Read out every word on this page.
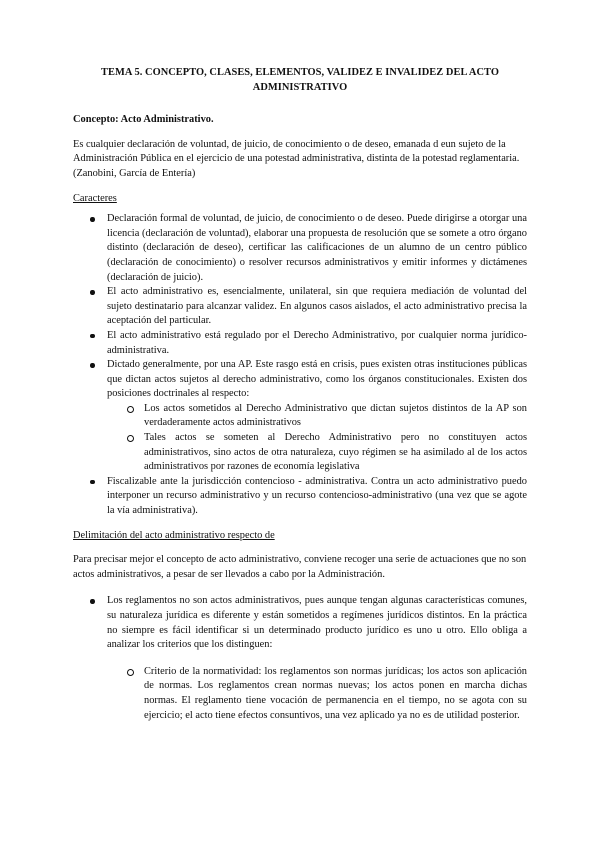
TEMA 5. CONCEPTO, CLASES, ELEMENTOS, VALIDEZ E INVALIDEZ DEL ACTO
ADMINISTRATIVO

Concepto: Acto Administrativo.

Es cualquier declaración de voluntad, de juicio, de conocimiento o de deseo, emanada d eun sujeto de la Administración Pública en el ejercicio de una potestad administrativa, distinta de la potestad reglamentaria. (Zanobini, García de Entería)

Caracteres

Declaración formal de voluntad, de juicio, de conocimiento o de deseo. Puede dirigirse a otorgar una licencia (declaración de voluntad), elaborar una propuesta de resolución que se somete a otro órgano distinto (declaración de deseo), certificar las calificaciones de un alumno de un centro público (declaración de conocimiento) o resolver recursos administrativos y emitir informes y dictámenes (declaración de juicio).
El acto administrativo es, esencialmente, unilateral, sin que requiera mediación de voluntad del sujeto destinatario para alcanzar validez. En algunos casos aislados, el acto administrativo precisa la aceptación del particular.
El acto administrativo está regulado por el Derecho Administrativo, por cualquier norma jurídico-administrativa.
Dictado generalmente, por una AP. Este rasgo está en crisis, pues existen otras instituciones públicas que dictan actos sujetos al derecho administrativo, como los órganos constitucionales. Existen dos posiciones doctrinales al respecto:
Los actos sometidos al Derecho Administrativo que dictan sujetos distintos de la AP son verdaderamente actos administrativos
Tales actos se someten al Derecho Administrativo pero no constituyen actos administrativos, sino actos de otra naturaleza, cuyo régimen se ha asimilado al de los actos administrativos por razones de economía legislativa
Fiscalizable ante la jurisdicción contencioso - administrativa. Contra un acto administrativo puedo interponer un recurso administrativo y un recurso contencioso-administrativo (una vez que se agote la vía administrativa).

Delimitación del acto administrativo respecto de

Para precisar mejor el concepto de acto administrativo, conviene recoger una serie de actuaciones que no son actos administrativos, a pesar de ser llevados a cabo por la Administración.

Los reglamentos no son actos administrativos, pues aunque tengan algunas características comunes, su naturaleza jurídica es diferente y están sometidos a regímenes jurídicos distintos. En la práctica no siempre es fácil identificar si un determinado producto jurídico es uno u otro. Ello obliga a analizar los criterios que los distinguen:
Criterio de la normatividad: los reglamentos son normas jurídicas; los actos son aplicación de normas. Los reglamentos crean normas nuevas; los actos ponen en marcha dichas normas. El reglamento tiene vocación de permanencia en el tiempo, no se agota con su ejercicio; el acto tiene efectos consuntivos, una vez aplicado ya no es de utilidad posterior.
